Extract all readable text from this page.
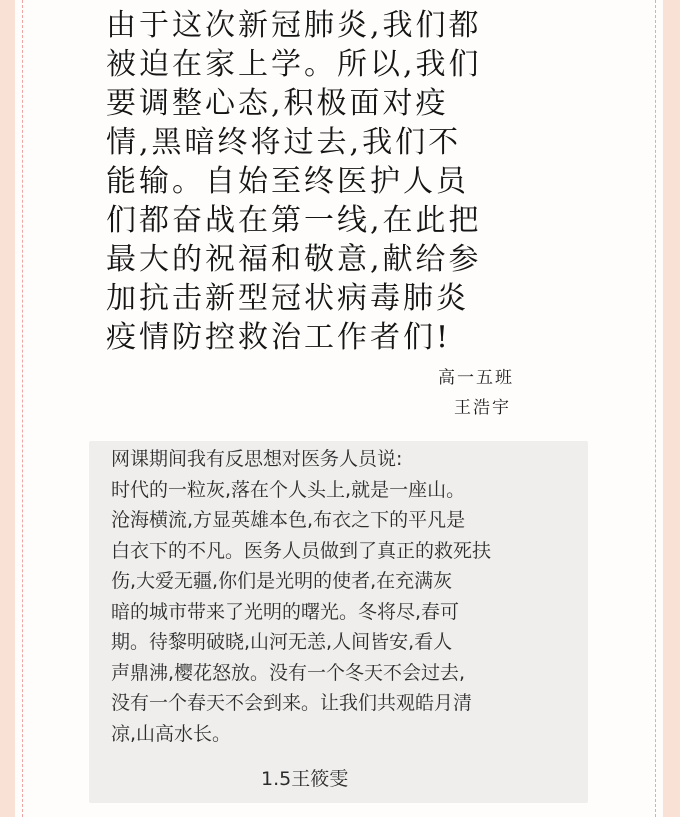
由于这次新冠肺炎,我们都
被迫在家上学。所以,我们
要调整心态,积极面对疫
情,黑暗终将过去,我们不
能输。自始至终医护人员
们都奋战在第一线,在此把
最大的祝福和敬意,献给参
加抗击新型冠状病毒肺炎
疫情防控救治工作者们!
高一五班
王浩宇
网课期间我有反思想对医务人员说:
时代的一粒灰,落在个人头上,就是一座山。
沧海横流,方显英雄本色,布衣之下的平凡是
白衣下的不凡。医务人员做到了真正的救死扶
伤,大爱无疆,你们是光明的使者,在充满灰
暗的城市带来了光明的曙光。冬将尽,春可
期。待黎明破晓,山河无恙,人间皆安,看人
声鼎沸,樱花怒放。没有一个冬天不会过去,
没有一个春天不会到来。让我们共观皓月清
凉,山高水长。
1.5王筱雯
